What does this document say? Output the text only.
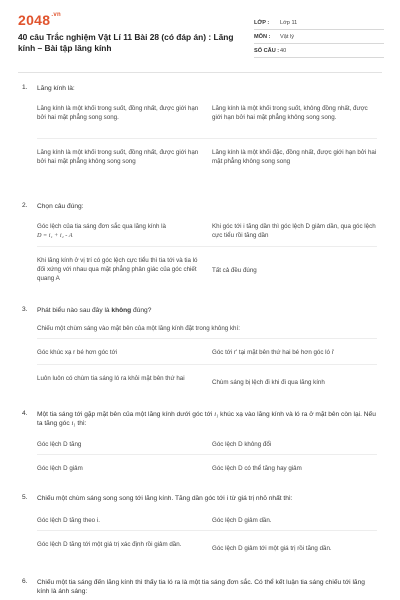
$2048^{.vn}$
40 câu Trắc nghiệm Vật Lí 11 Bài 28 (có đáp án) : Lăng kính – Bài tập lăng kính
LỚP :	Lớp 11
MÔN :	Vật lý
SỐ CÂU : 40
1. Lăng kính là:
Lăng kính là một khối trong suốt, đồng nhất, được giới hạn bởi hai mặt phẳng song song.
Lăng kính là một khối trong suốt, không đồng nhất, được giới hạn bởi hai mặt phẳng không song song.
Lăng kính là một khối trong suốt, đồng nhất, được giới hạn bởi hai mặt phẳng không song song
Lăng kính là một khối đặc, đồng nhất, được giới hạn bởi hai mặt phẳng không song song
2. Chọn câu đúng:
Góc lệch của tia sáng đơn sắc qua lăng kính là
D = i₁ + i₂ - A
Khi góc tới i tăng dần thì góc lệch D giảm dần, qua góc lệch cực tiểu rồi tăng dần
Khi lăng kính ở vị trí có góc lệch cực tiểu thì tia tới và tia ló đối xứng với nhau qua mặt phẳng phân giác của góc chiết quang A
Tất cả đều đúng
3. Phát biểu nào sau đây là không đúng?
Chiếu một chùm sáng vào mặt bên của một lăng kính đặt trong không khí:
Góc khúc xạ r bé hơn góc tới	Góc tới r' tại mặt bên thứ hai bé hơn góc ló i'
Luôn luôn có chùm tia sáng ló ra khỏi mặt bên thứ hai
Chùm sáng bị lệch đi khi đi qua lăng kính
4. Một tia sáng tới gặp mặt bên của một lăng kính dưới góc tới i₁ khúc xạ vào lăng kính và ló ra ở mặt bên còn lại. Nếu ta tăng góc i₁ thì:
Góc lệch D tăng	Góc lệch D không đổi
Góc lệch D giảm	Góc lệch D có thể tăng hay giảm
5. Chiếu một chùm sáng song song tới lăng kính. Tăng dần góc tới i từ giá trị nhỏ nhất thì:
Góc lệch D tăng theo i.	Góc lệch D giảm dần.
Góc lệch D tăng tới một giá trị xác định rồi giảm dần.
Góc lệch D giảm tới một giá trị rồi tăng dần.
6. Chiếu một tia sáng đến lăng kính thì thấy tia ló ra là một tia sáng đơn sắc. Có thể kết luận tia sáng chiếu tới lăng kính là ánh sáng:
